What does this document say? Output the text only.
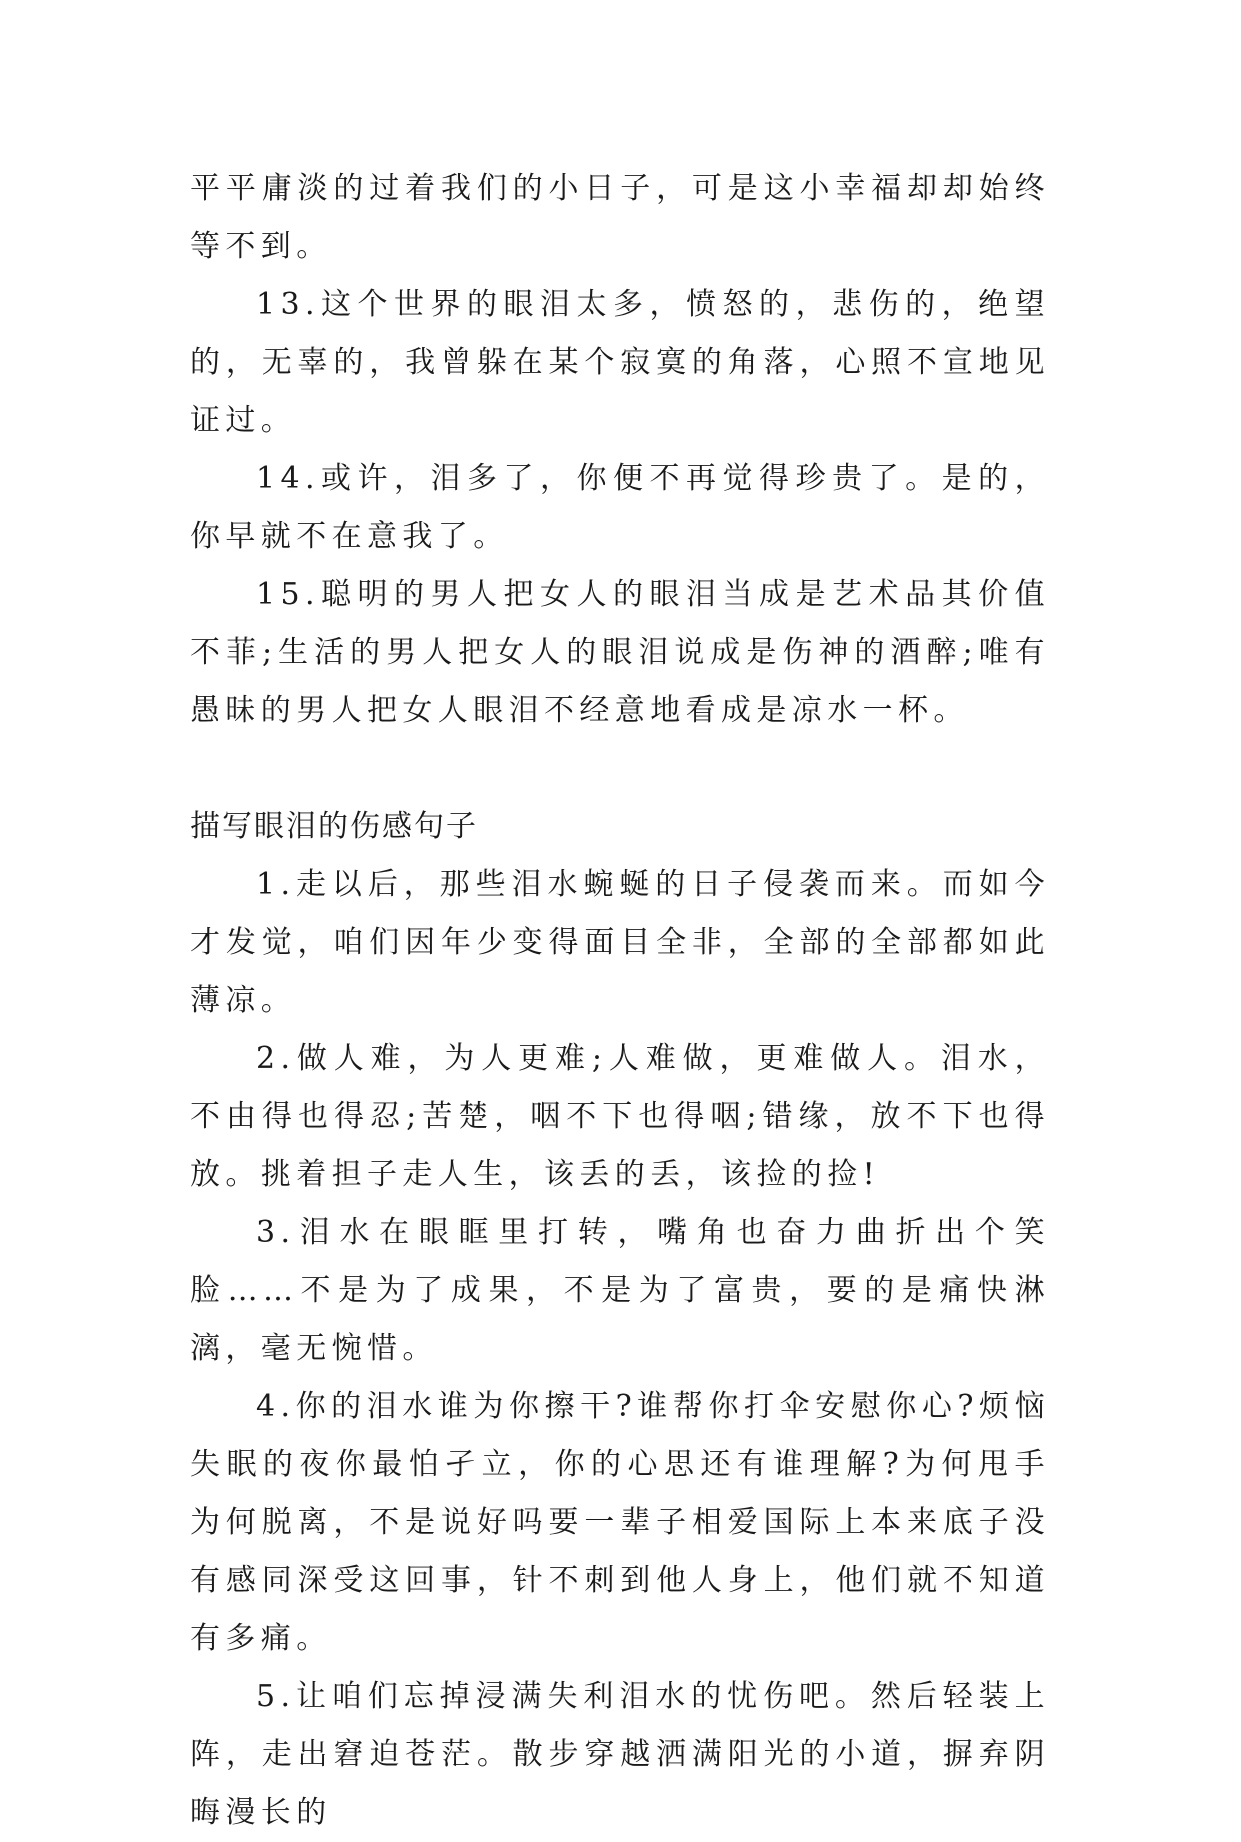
平平庸淡的过着我们的小日子，可是这小幸福却却始终等不到。

13.这个世界的眼泪太多，愤怒的，悲伤的，绝望的，无辜的，我曾躲在某个寂寞的角落，心照不宣地见证过。

14.或许，泪多了，你便不再觉得珍贵了。是的，你早就不在意我了。

15.聪明的男人把女人的眼泪当成是艺术品其价值不菲;生活的男人把女人的眼泪说成是伤神的酒醉;唯有愚昧的男人把女人眼泪不经意地看成是凉水一杯。

描写眼泪的伤感句子

1.走以后，那些泪水蜿蜒的日子侵袭而来。而如今才发觉，咱们因年少变得面目全非，全部的全部都如此薄凉。

2.做人难，为人更难;人难做，更难做人。泪水，不由得也得忍;苦楚，咽不下也得咽;错缘，放不下也得放。挑着担子走人生，该丢的丢，该捡的捡!

3.泪水在眼眶里打转，嘴角也奋力曲折出个笑脸……不是为了成果，不是为了富贵，要的是痛快淋漓，毫无惋惜。

4.你的泪水谁为你擦干?谁帮你打伞安慰你心?烦恼失眠的夜你最怕孑立，你的心思还有谁理解?为何甩手为何脱离，不是说好吗要一辈子相爱国际上本来底子没有感同深受这回事，针不刺到他人身上，他们就不知道有多痛。

5.让咱们忘掉浸满失利泪水的忧伤吧。然后轻装上阵，走出窘迫苍茫。散步穿越洒满阳光的小道，摒弃阴晦漫长的
